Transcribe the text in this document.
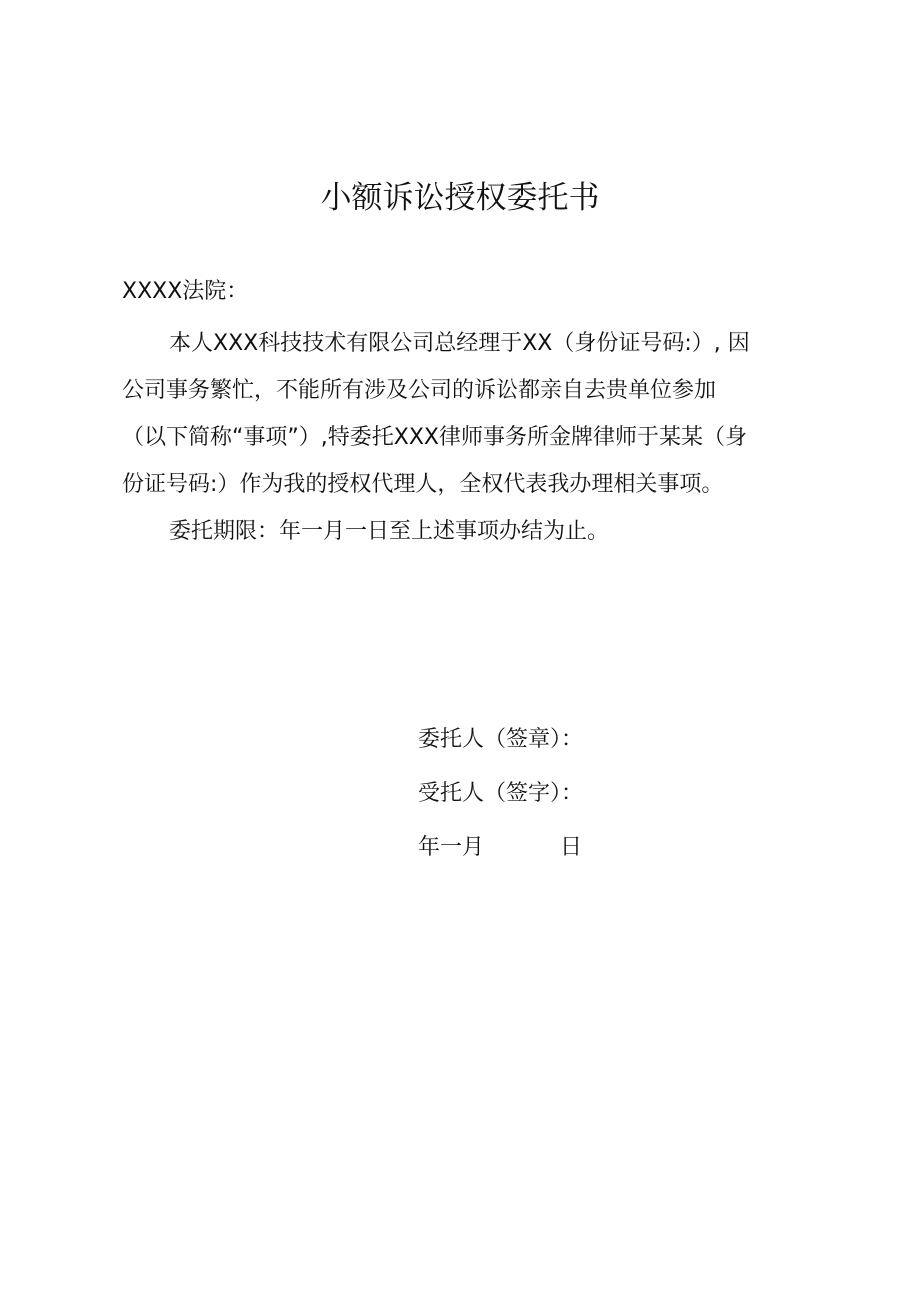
小额诉讼授权委托书
XXXX法院：
本人XXX科技技术有限公司总经理于XX（身份证号码:）, 因
公司事务繁忙，不能所有涉及公司的诉讼都亲自去贵单位参加
（以下简称“事项”）,特委托XXX律师事务所金牌律师于某某（身
份证号码:）作为我的授权代理人，全权代表我办理相关事项。
委托期限：年一月一日至上述事项办结为止。
委托人（签章）：
受托人（签字）：
年一月	日
